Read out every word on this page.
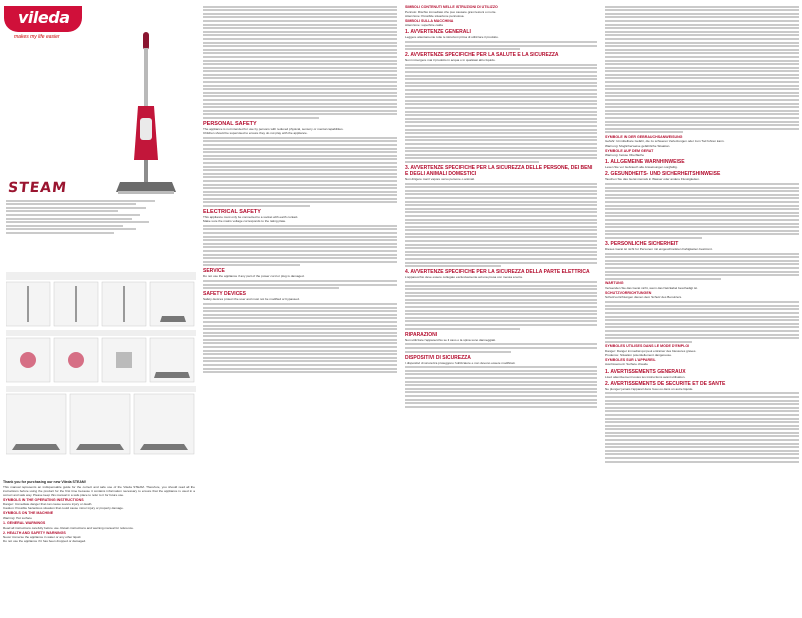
vileda
makes my life easier
STEAM
Thank you for purchasing our new Vileda STEAM!

This manual represents an indispensable guide for the correct and safe use of the Vileda STEAM. Therefore, you should read all the instructions before using the product for the first time because it contains information necessary to ensure that the appliance is used in a correct and safe way. Please keep this manual in a safe place to refer to it for future use.

SYMBOLS IN THE OPERATING INSTRUCTIONS

Danger: Immediate danger that can cause severe injury or death.

Caution: Possible hazardous situation that could cause minor injury or property damage.

SYMBOLS ON THE MACHINE

Warning: Hot surface

1. GENERAL WARNINGS

Read all instructions carefully before use. Retain instructions and warning manual for reference.

2. HEALTH AND SAFETY WARNINGS

Never immerse the appliance in water or any other liquid.

Do not use the appliance if it has been dropped or damaged.

PERSONAL SAFETY

The appliance is not intended for use by persons with reduced physical, sensory or mental capabilities.

Children should be supervised to ensure they do not play with the appliance.

ELECTRICAL SAFETY

This appliance must only be connected to a socket with earth contact.

Make sure the mains voltage corresponds to the rating plate.

SERVICE

Do not use the appliance if any part of the power cord or plug is damaged.

SAFETY DEVICES

Safety devices protect the user and must not be modified or bypassed.

SIMBOLI CONTENUTI NELLE ISTRUZIONI DI UTILIZZO

Pericolo: Rischio immediato che puo causare gravi lesioni o morte.

Attenzione: Possibile situazione pericolosa.

SIMBOLI SULLA MACCHINA

Attenzione: superficie calda

1. AVVERTENZE GENERALI

Leggere attentamente tutte le istruzioni prima di utilizzare il prodotto.

2. AVVERTENZE SPECIFICHE PER LA SALUTE E LA SICUREZZA

Non immergere mai il prodotto in acqua o in qualsiasi altro liquido.

3. AVVERTENZE SPECIFICHE PER LA SICUREZZA DELLE PERSONE, DEI BENI E DEGLI ANIMALI DOMESTICI

Non dirigere mai il vapore verso persone o animali.

4. AVVERTENZE SPECIFICHE PER LA SICUREZZA DELLA PARTE ELETTRICA

L'apparecchio deve essere collegato esclusivamente ad una presa con messa a terra.

RIPARAZIONI

Non utilizzare l'apparecchio se il cavo o la spina sono danneggiati.

DISPOSITIVI DI SICUREZZA

I dispositivi di sicurezza proteggono l'utilizzatore e non devono essere modificati.

SYMBOLE IN DER GEBRAUCHSANWEISUNG

Gefahr: Unmittelbare Gefahr, die zu schweren Verletzungen oder zum Tod fuhren kann.

Warnung: Moglicherweise gefahrliche Situation.

SYMBOLE AUF DEM GERAT

Warnung: heisse Oberflache

1. ALLGEMEINE WARNHINWEISE

Lesen Sie vor Gebrauch alle Anweisungen sorgfaltig.

2. GESUNDHEITS- UND SICHERHEITSHINWEISE

Tauchen Sie das Gerat niemals in Wasser oder andere Flussigkeiten.

3. PERSONLICHE SICHERHEIT

Dieses Gerat ist nicht fur Personen mit eingeschrankten Fahigkeiten bestimmt.

WARTUNG

Verwenden Sie das Gerat nicht, wenn das Netzkabel beschadigt ist.

SCHUTZVORRICHTUNGEN

Schutzvorrichtungen dienen dem Schutz des Benutzers.

SYMBOLES UTILISES DANS LE MODE D'EMPLOI

Danger: Danger immediat qui peut entrainer des blessures graves.

Prudence: Situation potentiellement dangereuse.

SYMBOLES SUR L'APPAREIL

Avertissement: Surface chaude

1. AVERTISSEMENTS GENERAUX

Lisez attentivement toutes les instructions avant utilisation.

2. AVERTISSEMENTS DE SECURITE ET DE SANTE

Ne plongez jamais l'appareil dans l'eau ou dans un autre liquide.
